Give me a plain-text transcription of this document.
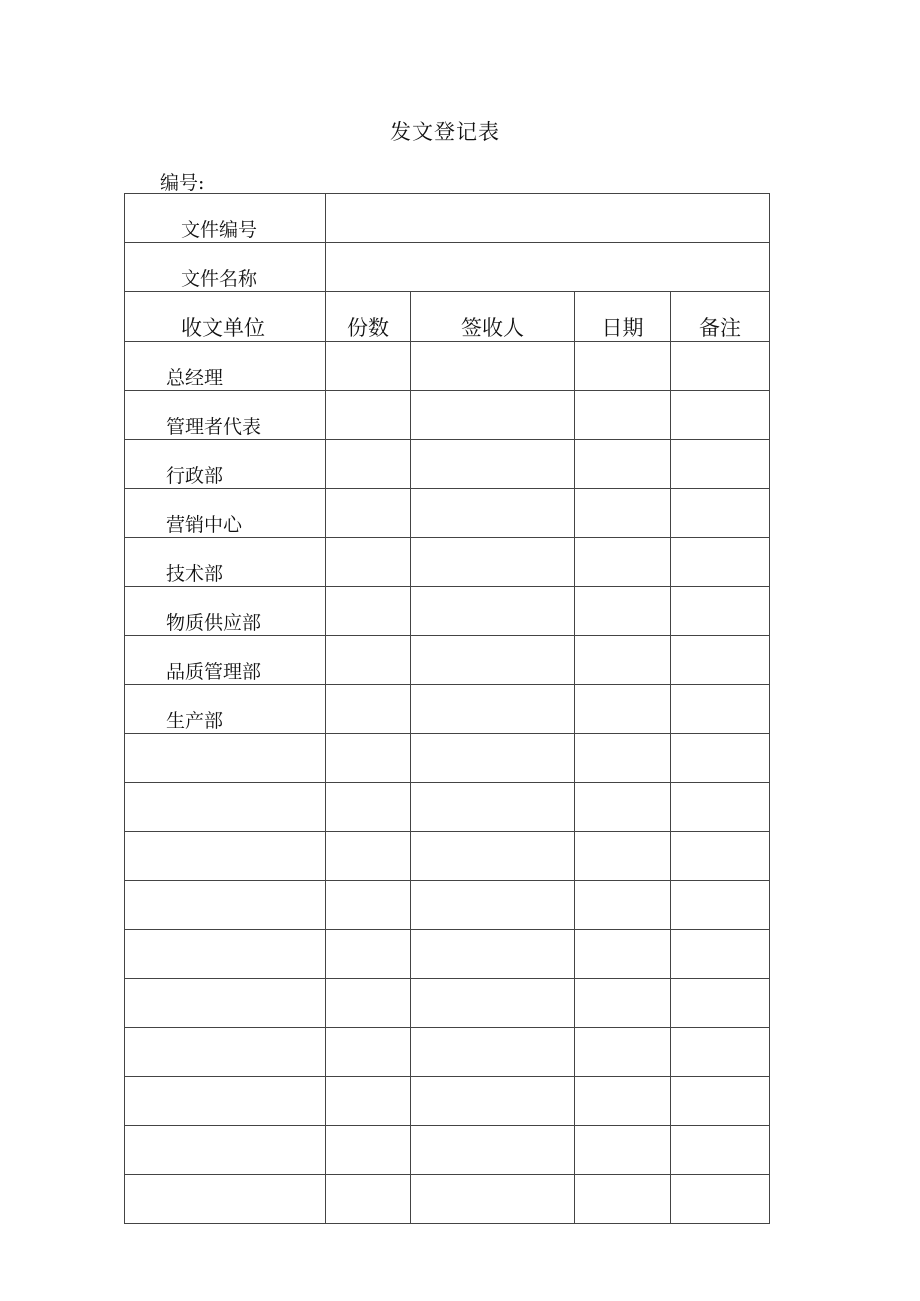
发文登记表
编号:
文件编号				
文件名称				
收文单位	份数	签收人	日期	备注
总经理				
管理者代表				
行政部				
营销中心				
技术部				
物质供应部				
品质管理部				
生产部				
